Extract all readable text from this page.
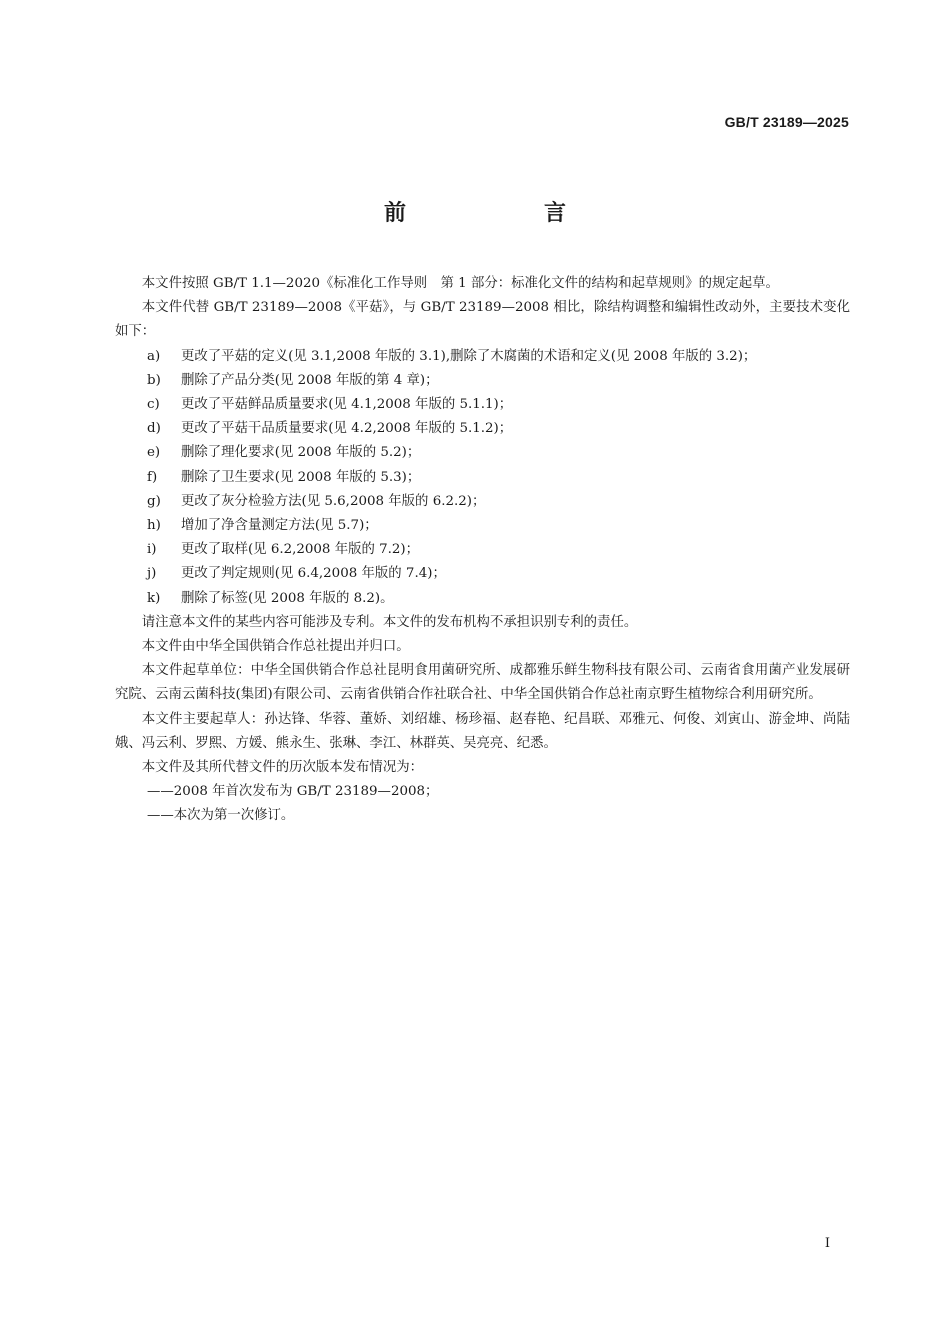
GB/T 23189—2025
前　言

本文件按照 GB/T 1.1—2020《标准化工作导则　第 1 部分：标准化文件的结构和起草规则》的规定起草。

本文件代替 GB/T 23189—2008《平菇》，与 GB/T 23189—2008 相比，除结构调整和编辑性改动外，主要技术变化如下：

a)	更改了平菇的定义(见 3.1,2008 年版的 3.1),删除了木腐菌的术语和定义(见 2008 年版的 3.2)；
b)	删除了产品分类(见 2008 年版的第 4 章)；
c)	更改了平菇鲜品质量要求(见 4.1,2008 年版的 5.1.1)；
d)	更改了平菇干品质量要求(见 4.2,2008 年版的 5.1.2)；
e)	删除了理化要求(见 2008 年版的 5.2)；
f)	删除了卫生要求(见 2008 年版的 5.3)；
g)	更改了灰分检验方法(见 5.6,2008 年版的 6.2.2)；
h)	增加了净含量测定方法(见 5.7)；
i)	更改了取样(见 6.2,2008 年版的 7.2)；
j)	更改了判定规则(见 6.4,2008 年版的 7.4)；
k)	删除了标签(见 2008 年版的 8.2)。

请注意本文件的某些内容可能涉及专利。本文件的发布机构不承担识别专利的责任。

本文件由中华全国供销合作总社提出并归口。

本文件起草单位：中华全国供销合作总社昆明食用菌研究所、成都雅乐鲜生物科技有限公司、云南省食用菌产业发展研究院、云南云菌科技(集团)有限公司、云南省供销合作社联合社、中华全国供销合作总社南京野生植物综合利用研究所。

本文件主要起草人：孙达锋、华蓉、董娇、刘绍雄、杨珍福、赵春艳、纪昌联、邓雅元、何俊、刘寅山、游金坤、尚陆娥、冯云利、罗熙、方媛、熊永生、张琳、李江、林群英、吴亮亮、纪悉。

本文件及其所代替文件的历次版本发布情况为：

——2008 年首次发布为 GB/T 23189—2008；
——本次为第一次修订。
I
